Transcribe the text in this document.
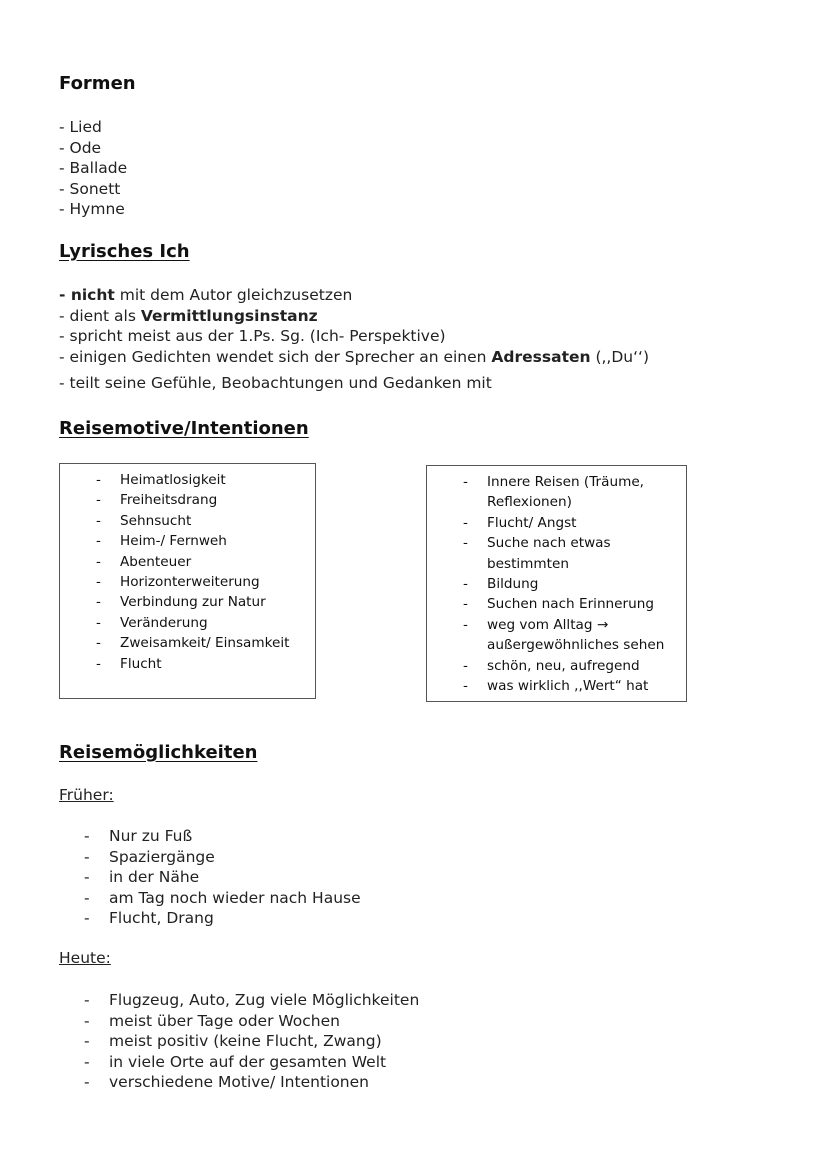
Formen
- Lied
- Ode
- Ballade
- Sonett
- Hymne
Lyrisches Ich
- nicht mit dem Autor gleichzusetzen
- dient als Vermittlungsinstanz
- spricht meist aus der 1.Ps. Sg. (Ich- Perspektive)
- einigen Gedichten wendet sich der Sprecher an einen Adressaten (,,Du‘‘)
- teilt seine Gefühle, Beobachtungen und Gedanken mit
Reisemotive/Intentionen
- Heimatlosigkeit
- Freiheitsdrang
- Sehnsucht
- Heim-/ Fernweh
- Abenteuer
- Horizonterweiterung
- Verbindung zur Natur
- Veränderung
- Zweisamkeit/ Einsamkeit
- Flucht
- Innere Reisen (Träume,
Reflexionen)
- Flucht/ Angst
- Suche nach etwas
bestimmten
- Bildung
- Suchen nach Erinnerung
- weg vom Alltag →
außergewöhnliches sehen
- schön, neu, aufregend
- was wirklich ,,Wert“ hat
Reisemöglichkeiten
Früher:
- Nur zu Fuß
- Spaziergänge
- in der Nähe
- am Tag noch wieder nach Hause
- Flucht, Drang
Heute:
- Flugzeug, Auto, Zug viele Möglichkeiten
- meist über Tage oder Wochen
- meist positiv (keine Flucht, Zwang)
- in viele Orte auf der gesamten Welt
- verschiedene Motive/ Intentionen
